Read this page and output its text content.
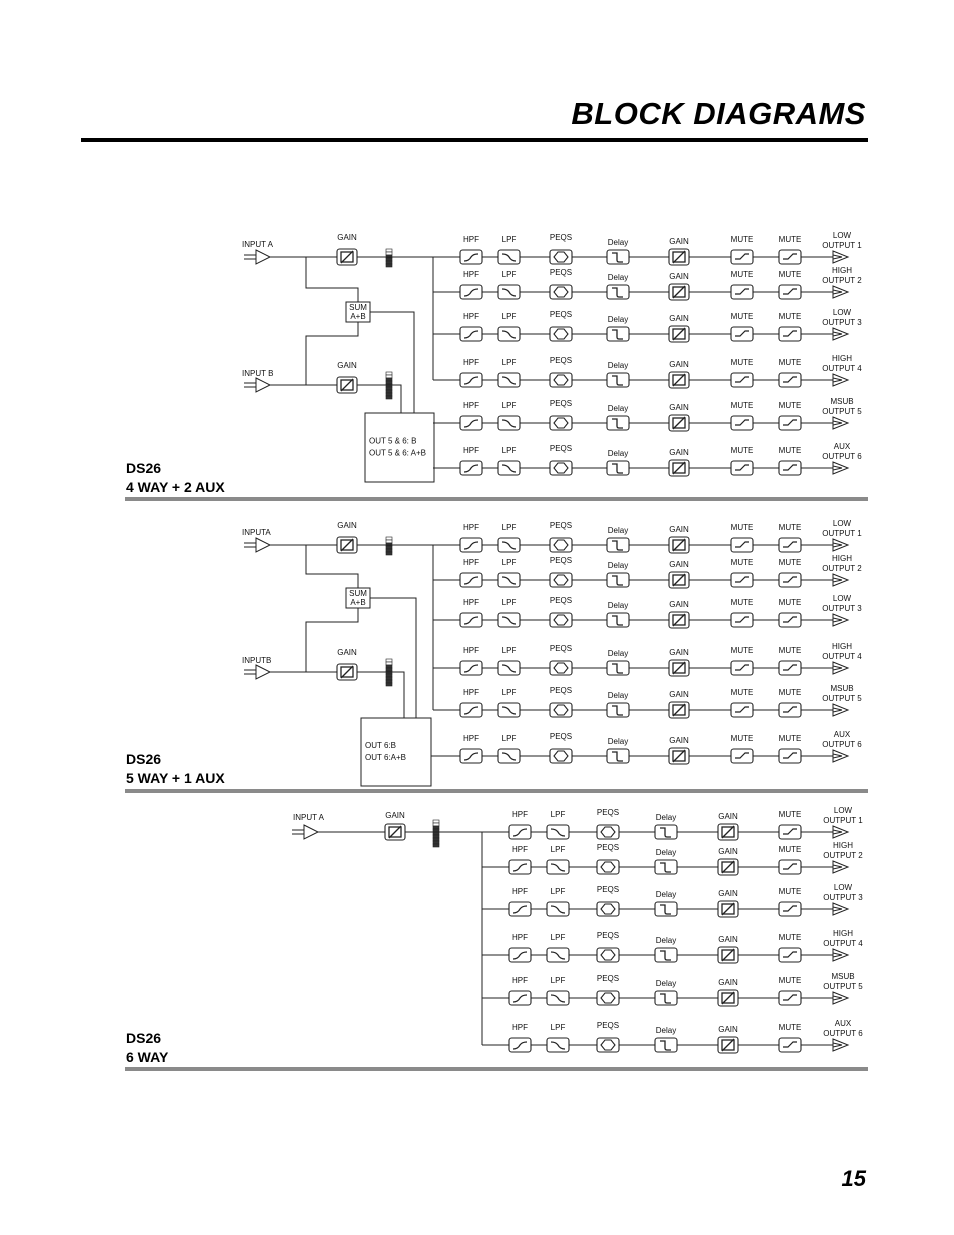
BLOCK DIAGRAMS
DS26
4 WAY + 2 AUX
DS26
5 WAY + 1 AUX
DS26
6 WAY
15
INPUT A
GAIN
INPUT B
GAIN
SUM
A+B
OUT 5 & 6: B
OUT 5 & 6: A+B
HPF	LPF	PEQS
Delay	GAIN	MUTE	MUTE	LOW
OUTPUT 1
HPF	LPF	PEQS
Delay	GAIN	MUTE	MUTE	HIGH
OUTPUT 2
HPF	LPF	PEQS
Delay	GAIN	MUTE	MUTE	LOW
OUTPUT 3
HPF	LPF	PEQS
Delay	GAIN	MUTE	MUTE	HIGH
OUTPUT 4
HPF	LPF	PEQS
Delay	GAIN	MUTE	MUTE	MSUB
OUTPUT 5
HPF	LPF	PEQS
Delay	GAIN	MUTE	MUTE	AUX
OUTPUT 6
INPUTA
GAIN
INPUTB
GAIN
SUM
A+B
OUT 6:B
OUT 6:A+B
HPF	LPF	PEQS
Delay	GAIN	MUTE	MUTE	LOW
OUTPUT 1
HPF	LPF	PEQS
Delay	GAIN	MUTE	MUTE	HIGH
OUTPUT 2
HPF	LPF	PEQS
Delay	GAIN	MUTE	MUTE	LOW
OUTPUT 3
HPF	LPF	PEQS
Delay	GAIN	MUTE	MUTE	HIGH
OUTPUT 4
HPF	LPF	PEQS
Delay	GAIN	MUTE	MUTE	MSUB
OUTPUT 5
HPF	LPF	PEQS
Delay	GAIN	MUTE	MUTE	AUX
OUTPUT 6
INPUT A	GAIN	HPF	LPF	PEQS
Delay	GAIN	MUTE	LOW
OUTPUT 1
HPF	LPF	PEQS
Delay	GAIN	MUTE	HIGH
OUTPUT 2
HPF	LPF	PEQS
Delay	GAIN	MUTE	LOW
OUTPUT 3
HPF	LPF	PEQS
Delay	GAIN	MUTE	HIGH
OUTPUT 4
HPF	LPF	PEQS
Delay	GAIN	MUTE	MSUB
OUTPUT 5
HPF	LPF	PEQS
Delay	GAIN	MUTE	AUX
OUTPUT 6
